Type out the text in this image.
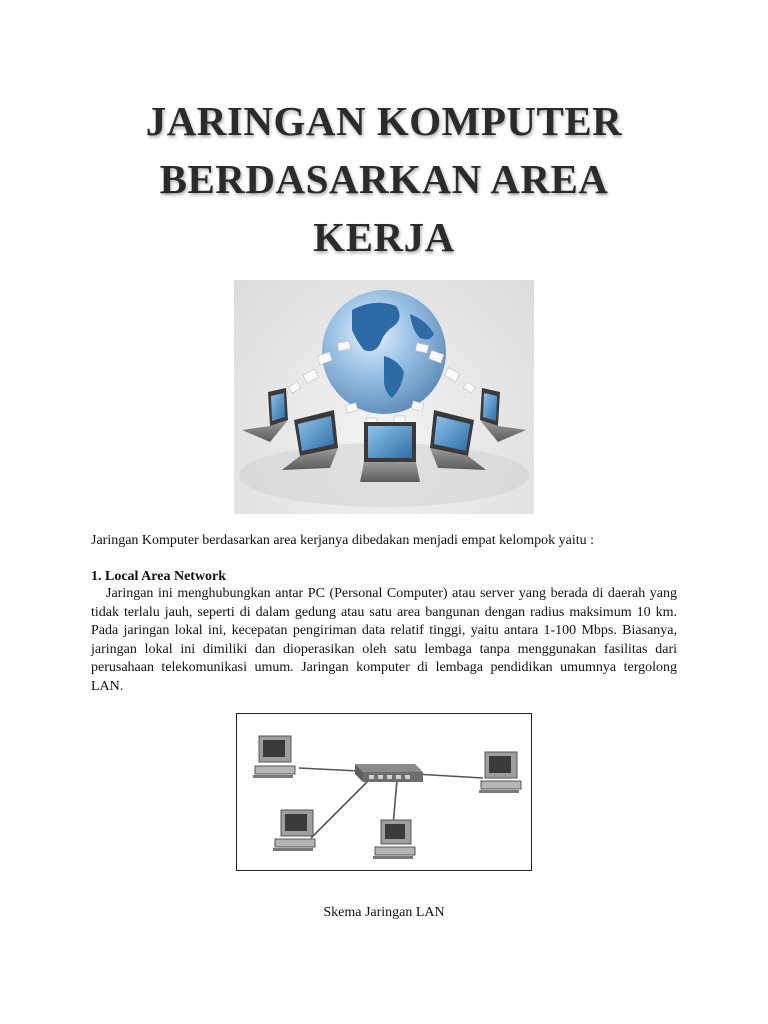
JARINGAN KOMPUTER
BERDASARKAN AREA
KERJA
Jaringan Komputer berdasarkan area kerjanya dibedakan menjadi empat kelompok yaitu :
1. Local Area Network
Jaringan ini menghubungkan antar PC (Personal Computer) atau server yang berada di daerah yang tidak terlalu jauh, seperti di dalam gedung atau satu area bangunan dengan radius maksimum 10 km. Pada jaringan lokal ini, kecepatan pengiriman data relatif tinggi, yaitu antara 1-100 Mbps. Biasanya, jaringan lokal ini dimiliki dan dioperasikan oleh satu lembaga tanpa menggunakan fasilitas dari perusahaan telekomunikasi umum. Jaringan komputer di lembaga pendidikan umumnya tergolong LAN.
Skema Jaringan LAN
